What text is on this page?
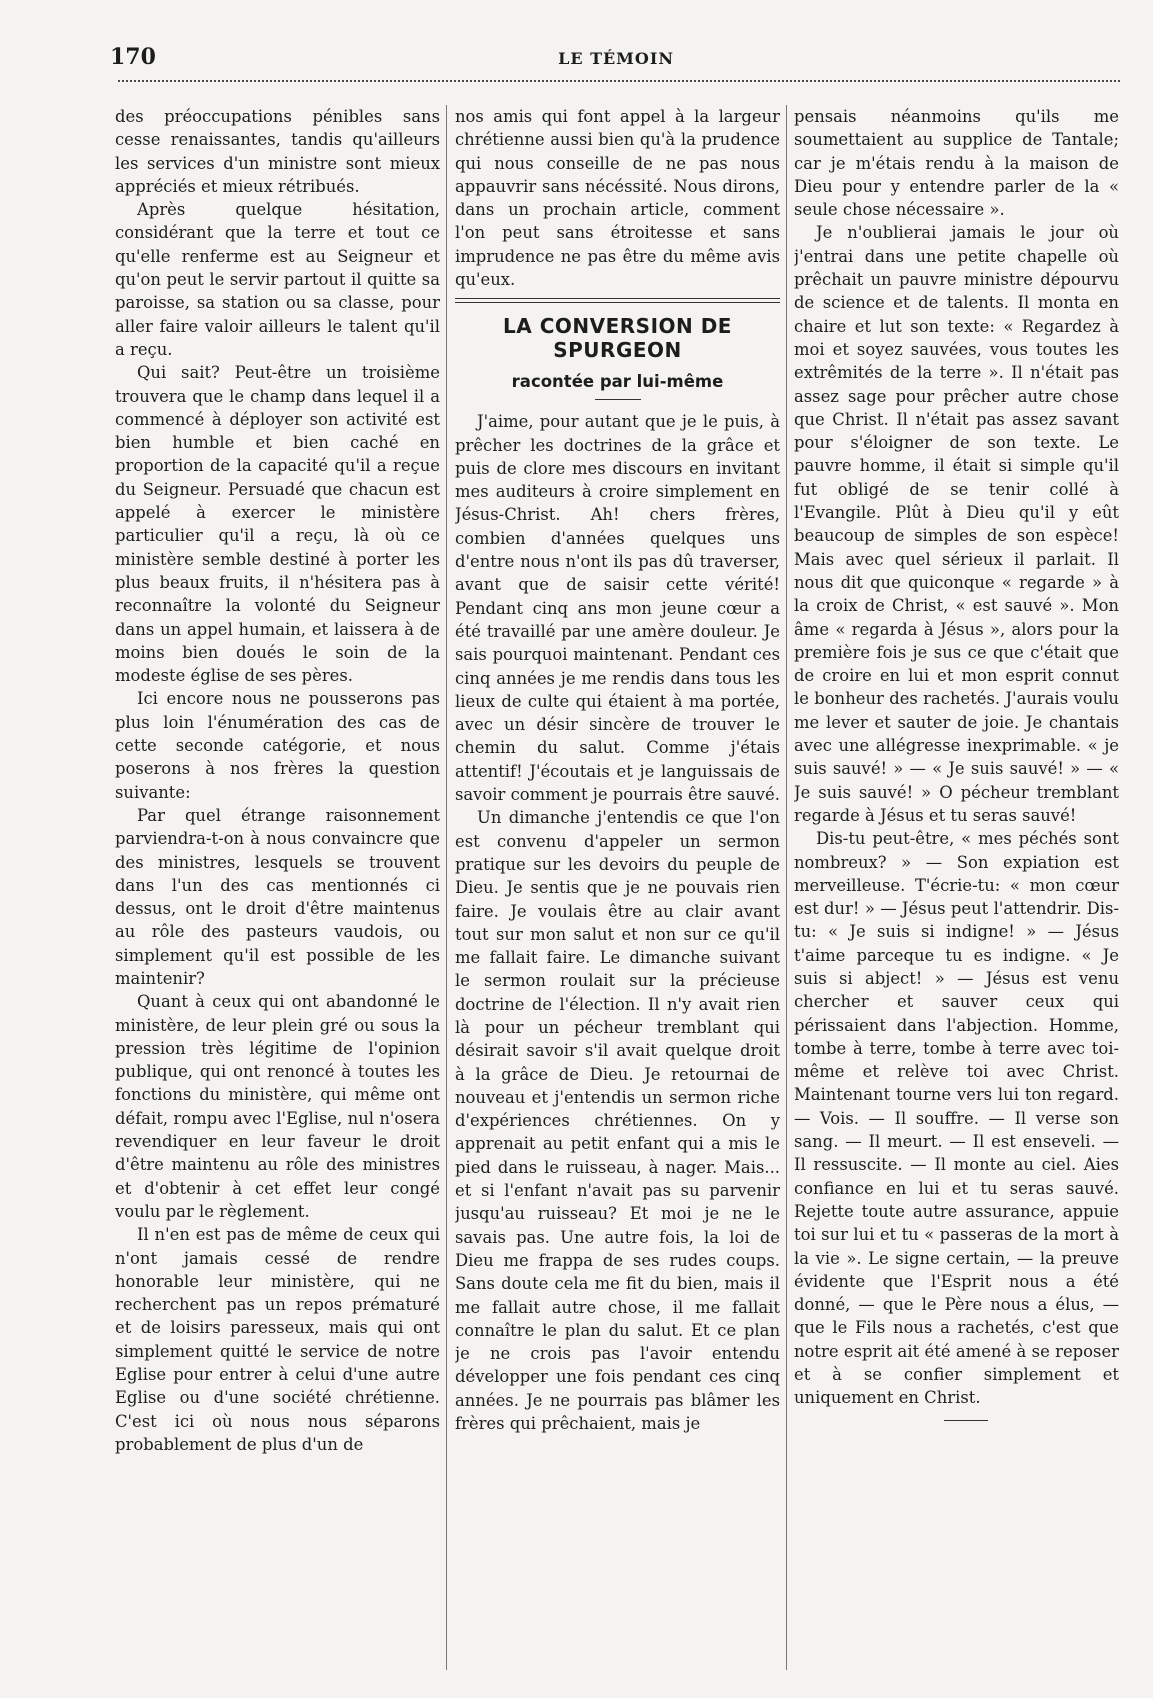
170	LE TÉMOIN

des préoccupations pénibles sans cesse renaissantes, tandis qu'ailleurs les services d'un ministre sont mieux appréciés et mieux rétribués.

Après quelque hésitation, considérant que la terre et tout ce qu'elle renferme est au Seigneur et qu'on peut le servir partout il quitte sa paroisse, sa station ou sa classe, pour aller faire valoir ailleurs le talent qu'il a reçu.

Qui sait? Peut-être un troisième trouvera que le champ dans lequel il a commencé à déployer son activité est bien humble et bien caché en proportion de la capacité qu'il a reçue du Seigneur. Persuadé que chacun est appelé à exercer le ministère particulier qu'il a reçu, là où ce ministère semble destiné à porter les plus beaux fruits, il n'hésitera pas à reconnaître la volonté du Seigneur dans un appel humain, et laissera à de moins bien doués le soin de la modeste église de ses pères.

Ici encore nous ne pousserons pas plus loin l'énumération des cas de cette seconde catégorie, et nous poserons à nos frères la question suivante:

Par quel étrange raisonnement parviendra-t-on à nous convaincre que des ministres, lesquels se trouvent dans l'un des cas mentionnés ci dessus, ont le droit d'être maintenus au rôle des pasteurs vaudois, ou simplement qu'il est possible de les maintenir?

Quant à ceux qui ont abandonné le ministère, de leur plein gré ou sous la pression très légitime de l'opinion publique, qui ont renoncé à toutes les fonctions du ministère, qui même ont défait, rompu avec l'Eglise, nul n'osera revendiquer en leur faveur le droit d'être maintenu au rôle des ministres et d'obtenir à cet effet leur congé voulu par le règlement.

Il n'en est pas de même de ceux qui n'ont jamais cessé de rendre honorable leur ministère, qui ne recherchent pas un repos prématuré et de loisirs paresseux, mais qui ont simplement quitté le service de notre Eglise pour entrer à celui d'une autre Eglise ou d'une société chrétienne. C'est ici où nous nous séparons probablement de plus d'un de

nos amis qui font appel à la largeur chrétienne aussi bien qu'à la prudence qui nous conseille de ne pas nous appauvrir sans nécéssité. Nous dirons, dans un prochain article, comment l'on peut sans étroitesse et sans imprudence ne pas être du même avis qu'eux.

LA CONVERSION DE SPURGEON
racontée par lui-même

J'aime, pour autant que je le puis, à prêcher les doctrines de la grâce et puis de clore mes discours en invitant mes auditeurs à croire simplement en Jésus-Christ. Ah! chers frères, combien d'années quelques uns d'entre nous n'ont ils pas dû traverser, avant que de saisir cette vérité! Pendant cinq ans mon jeune cœur a été travaillé par une amère douleur. Je sais pourquoi maintenant. Pendant ces cinq années je me rendis dans tous les lieux de culte qui étaient à ma portée, avec un désir sincère de trouver le chemin du salut. Comme j'étais attentif! J'écoutais et je languissais de savoir comment je pourrais être sauvé.

Un dimanche j'entendis ce que l'on est convenu d'appeler un sermon pratique sur les devoirs du peuple de Dieu. Je sentis que je ne pouvais rien faire. Je voulais être au clair avant tout sur mon salut et non sur ce qu'il me fallait faire. Le dimanche suivant le sermon roulait sur la précieuse doctrine de l'élection. Il n'y avait rien là pour un pécheur tremblant qui désirait savoir s'il avait quelque droit à la grâce de Dieu. Je retournai de nouveau et j'entendis un sermon riche d'expériences chrétiennes. On y apprenait au petit enfant qui a mis le pied dans le ruisseau, à nager. Mais... et si l'enfant n'avait pas su parvenir jusqu'au ruisseau? Et moi je ne le savais pas. Une autre fois, la loi de Dieu me frappa de ses rudes coups. Sans doute cela me fit du bien, mais il me fallait autre chose, il me fallait connaître le plan du salut. Et ce plan je ne crois pas l'avoir entendu développer une fois pendant ces cinq années. Je ne pourrais pas blâmer les frères qui prêchaient, mais je

pensais néanmoins qu'ils me soumettaient au supplice de Tantale; car je m'étais rendu à la maison de Dieu pour y entendre parler de la « seule chose nécessaire ».

Je n'oublierai jamais le jour où j'entrai dans une petite chapelle où prêchait un pauvre ministre dépourvu de science et de talents. Il monta en chaire et lut son texte: « Regardez à moi et soyez sauvées, vous toutes les extrêmités de la terre ». Il n'était pas assez sage pour prêcher autre chose que Christ. Il n'était pas assez savant pour s'éloigner de son texte. Le pauvre homme, il était si simple qu'il fut obligé de se tenir collé à l'Evangile. Plût à Dieu qu'il y eût beaucoup de simples de son espèce! Mais avec quel sérieux il parlait. Il nous dit que quiconque « regarde » à la croix de Christ, « est sauvé ». Mon âme « regarda à Jésus », alors pour la première fois je sus ce que c'était que de croire en lui et mon esprit connut le bonheur des rachetés. J'aurais voulu me lever et sauter de joie. Je chantais avec une allégresse inexprimable. « je suis sauvé! » — « Je suis sauvé! » — « Je suis sauvé! » O pécheur tremblant regarde à Jésus et tu seras sauvé!

Dis-tu peut-être, « mes péchés sont nombreux? » — Son expiation est merveilleuse. T'écrie-tu: « mon cœur est dur! » — Jésus peut l'attendrir. Dis-tu: « Je suis si indigne! » — Jésus t'aime parceque tu es indigne. « Je suis si abject! » — Jésus est venu chercher et sauver ceux qui périssaient dans l'abjection. Homme, tombe à terre, tombe à terre avec toi-même et relève toi avec Christ. Maintenant tourne vers lui ton regard. — Vois. — Il souffre. — Il verse son sang. — Il meurt. — Il est enseveli. — Il ressuscite. — Il monte au ciel. Aies confiance en lui et tu seras sauvé. Rejette toute autre assurance, appuie toi sur lui et tu « passeras de la mort à la vie ». Le signe certain, — la preuve évidente que l'Esprit nous a été donné, — que le Père nous a élus, — que le Fils nous a rachetés, c'est que notre esprit ait été amené à se reposer et à se confier simplement et uniquement en Christ.
